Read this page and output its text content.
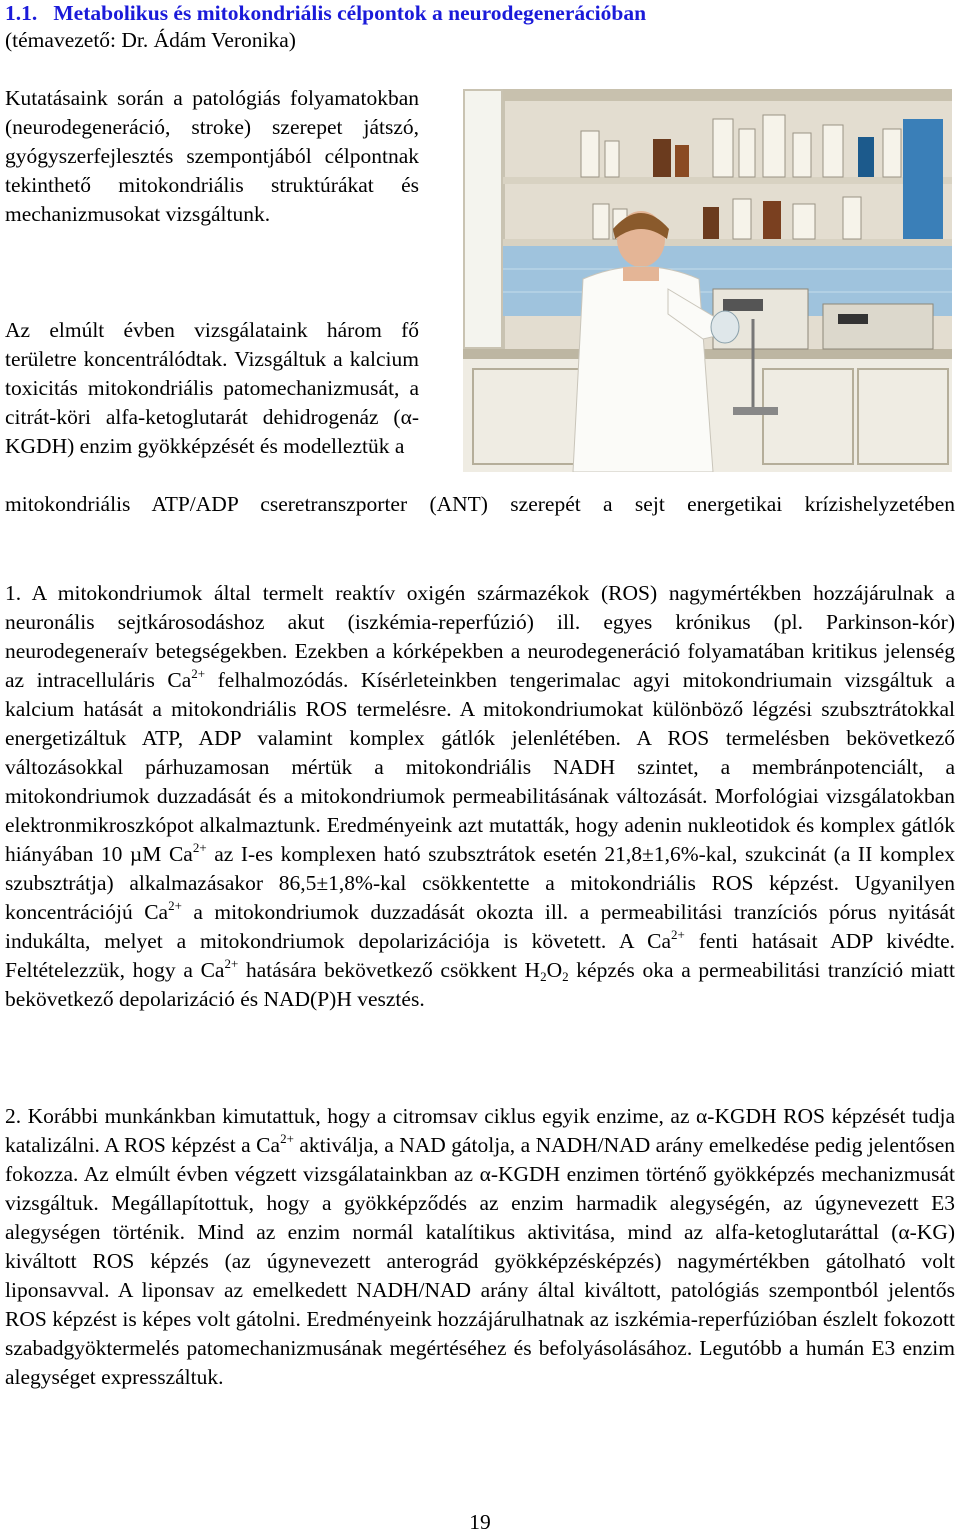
1.1. Metabolikus és mitokondriális célpontok a neurodegenerációban

(témavezető: Dr. Ádám Veronika)

Kutatásaink során a patológiás folyamatokban (neurodegeneráció, stroke) szerepet játszó, gyógyszerfejlesztés szempontjából célpontnak tekinthető mitokondriális struktúrákat és mechanizmusokat vizsgáltunk.

Az elmúlt évben vizsgálataink három fő területre koncentrálódtak. Vizsgáltuk a kalcium toxicitás mitokondriális patomechanizmusát, a citrát-köri alfa-ketoglutarát dehidrogenáz (α-KGDH) enzim gyökképzését és modelleztük a

mitokondriális ATP/ADP cseretranszporter (ANT) szerepét a sejt energetikai krízishelyzetében

1. A mitokondriumok által termelt reaktív oxigén származékok (ROS) nagymértékben hozzájárulnak a neuronális sejtkárosodáshoz akut (iszkémia-reperfúzió) ill. egyes krónikus (pl. Parkinson-kór) neurodegeneraív betegségekben. Ezekben a kórképekben a neurodegeneráció folyamatában kritikus jelenség az intracelluláris $Ca^{2+}$ felhalmozódás. Kísérleteinkben tengerimalac agyi mitokondriumain vizsgáltuk a kalcium hatását a mitokondriális ROS termelésre. A mitokondriumokat különböző légzési szubsztrátokkal energetizáltuk ATP, ADP valamint komplex gátlók jelenlétében. A ROS termelésben bekövetkező változásokkal párhuzamosan mértük a mitokondriális NADH szintet, a membránpotenciált, a mitokondriumok duzzadását és a mitokondriumok permeabilitásának változását. Morfológiai vizsgálatokban elektronmikroszkópot alkalmaztunk. Eredményeink azt mutatták, hogy adenin nukleotidok és komplex gátlók hiányában 10 µM $Ca^{2+}$ az I-es komplexen ható szubsztrátok esetén 21,8±1,6%-kal, szukcinát (a II komplex szubsztrátja) alkalmazásakor 86,5±1,8%-kal csökkentette a mitokondriális ROS képzést. Ugyanilyen koncentrációjú $Ca^{2+}$ a mitokondriumok duzzadását okozta ill. a permeabilitási tranzíciós pórus nyitását indukálta, melyet a mitokondriumok depolarizációja is követett. A $Ca^{2+}$ fenti hatásait ADP kivédte. Feltételezzük, hogy a $Ca^{2+}$ hatására bekövetkező csökkent $H_2O_2$ képzés oka a permeabilitási tranzíció miatt bekövetkező depolarizáció és NAD(P)H vesztés.

2. Korábbi munkánkban kimutattuk, hogy a citromsav ciklus egyik enzime, az α-KGDH ROS képzését tudja katalizálni. A ROS képzést a $Ca^{2+}$ aktiválja, a NAD gátolja, a NADH/NAD arány emelkedése pedig jelentősen fokozza. Az elmúlt évben végzett vizsgálatainkban az α-KGDH enzimen történő gyökképzés mechanizmusát vizsgáltuk. Megállapítottuk, hogy a gyökképződés az enzim harmadik alegységén, az úgynevezett E3 alegységen történik. Mind az enzim normál katalítikus aktivitása, mind az alfa-ketoglutaráttal (α-KG) kiváltott ROS képzés (az úgynevezett anterográd gyökképzésképzés) nagymértékben gátolható volt liponsavval. A liponsav az emelkedett NADH/NAD arány által kiváltott, patológiás szempontból jelentős ROS képzést is képes volt gátolni. Eredményeink hozzájárulhatnak az iszkémia-reperfúzióban észlelt fokozott szabadgyöktermelés patomechanizmusának megértéséhez és befolyásolásához. Legutóbb a humán E3 enzim alegységet expresszáltuk.

19
